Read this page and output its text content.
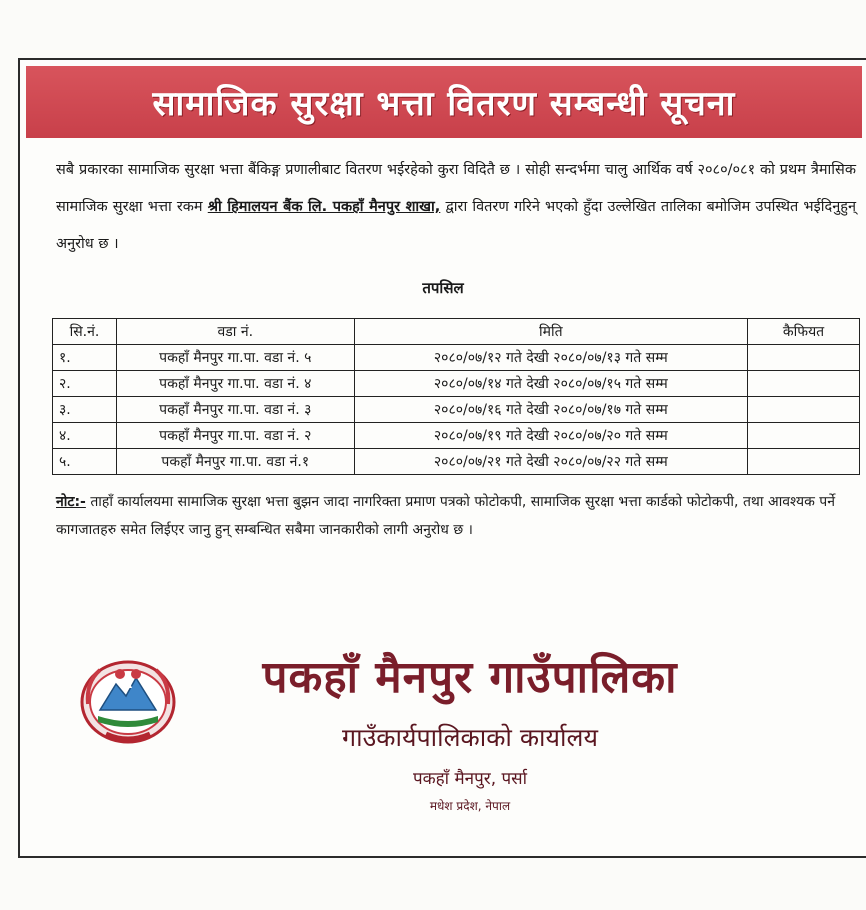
सामाजिक सुरक्षा भत्ता वितरण सम्बन्धी सूचना
सबै प्रकारका सामाजिक सुरक्षा भत्ता बैंकिङ्ग प्रणालीबाट वितरण भईरहेको कुरा विदितै छ । सोही सन्दर्भमा चालु आर्थिक वर्ष २०८०/०८१ को प्रथम त्रैमासिक सामाजिक सुरक्षा भत्ता रकम श्री हिमालयन बैंक लि. पकहाँ मैनपुर शाखा, द्वारा वितरण गरिने भएको हुँदा उल्लेखित तालिका बमोजिम उपस्थित भईदिनुहुन् अनुरोध छ ।
तपसिल
सि.नं.	वडा नं.	मिति	कैफियत
१.	पकहाँ मैनपुर गा.पा. वडा नं. ५	२०८०/०७/१२ गते देखी २०८०/०७/१३ गते सम्म	
२.	पकहाँ मैनपुर गा.पा. वडा नं. ४	२०८०/०७/१४ गते देखी २०८०/०७/१५ गते सम्म	
३.	पकहाँ मैनपुर गा.पा. वडा नं. ३	२०८०/०७/१६ गते देखी २०८०/०७/१७ गते सम्म	
४.	पकहाँ मैनपुर गा.पा. वडा नं. २	२०८०/०७/१९ गते देखी २०८०/०७/२० गते सम्म	
५.	पकहाँ मैनपुर गा.पा. वडा नं.१	२०८०/०७/२१ गते देखी २०८०/०७/२२ गते सम्म	
नोट:- ताहाँ कार्यालयमा सामाजिक सुरक्षा भत्ता बुझन जादा नागरिक्ता प्रमाण पत्रको फोटोकपी, सामाजिक सुरक्षा भत्ता कार्डको फोटोकपी, तथा आवश्यक पर्ने कागजातहरु समेत लिईएर जानु हुन् सम्बन्धित सबैमा जानकारीको लागी अनुरोध छ ।
पकहाँ मैनपुर गाउँपालिका
गाउँकार्यपालिकाको कार्यालय
पकहाँ मैनपुर, पर्सा
मधेश प्रदेश, नेपाल
